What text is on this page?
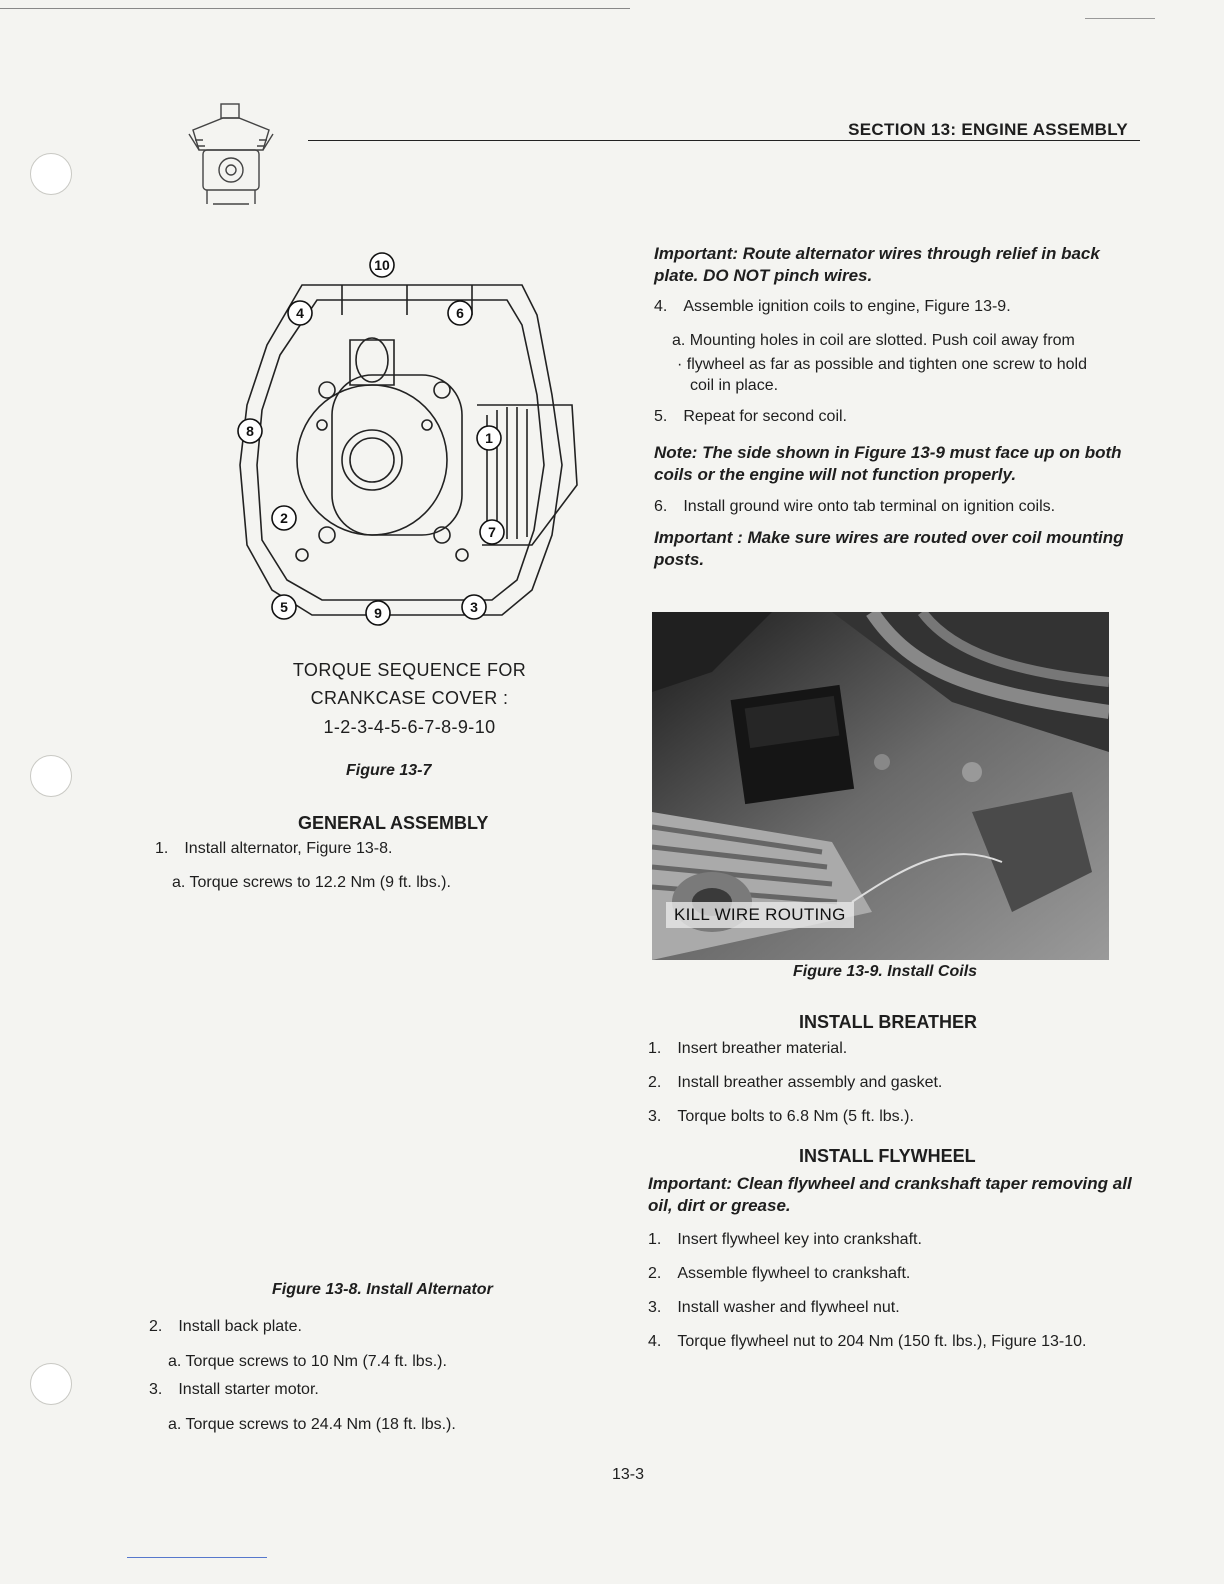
SECTION 13: ENGINE ASSEMBLY
10
4	6
8	1
2
7
5	9	3
TORQUE SEQUENCE FOR
CRANKCASE COVER :
1-2-3-4-5-6-7-8-9-10
Figure 13-7
GENERAL ASSEMBLY
1. Install alternator, Figure 13-8.
a. Torque screws to 12.2 Nm (9 ft. lbs.).
Figure 13-8. Install Alternator
2. Install back plate.
a. Torque screws to 10 Nm (7.4 ft. lbs.).
3. Install starter motor.
a. Torque screws to 24.4 Nm (18 ft. lbs.).
Important: Route alternator wires through relief in back plate. DO NOT pinch wires.
4. Assemble ignition coils to engine, Figure 13-9.
a. Mounting holes in coil are slotted. Push coil away from
· flywheel as far as possible and tighten one screw to hold
coil in place.
5. Repeat for second coil.
Note: The side shown in Figure 13-9 must face up on both coils or the engine will not function properly.
6. Install ground wire onto tab terminal on ignition coils.
Important : Make sure wires are routed over coil mounting posts.
KILL WIRE ROUTING
Figure 13-9. Install Coils
INSTALL BREATHER
1. Insert breather material.
2. Install breather assembly and gasket.
3. Torque bolts to 6.8 Nm (5 ft. lbs.).
INSTALL FLYWHEEL
Important: Clean flywheel and crankshaft taper removing all oil, dirt or grease.
1. Insert flywheel key into crankshaft.
2. Assemble flywheel to crankshaft.
3. Install washer and flywheel nut.
4. Torque flywheel nut to 204 Nm (150 ft. lbs.), Figure 13-10.
13-3
